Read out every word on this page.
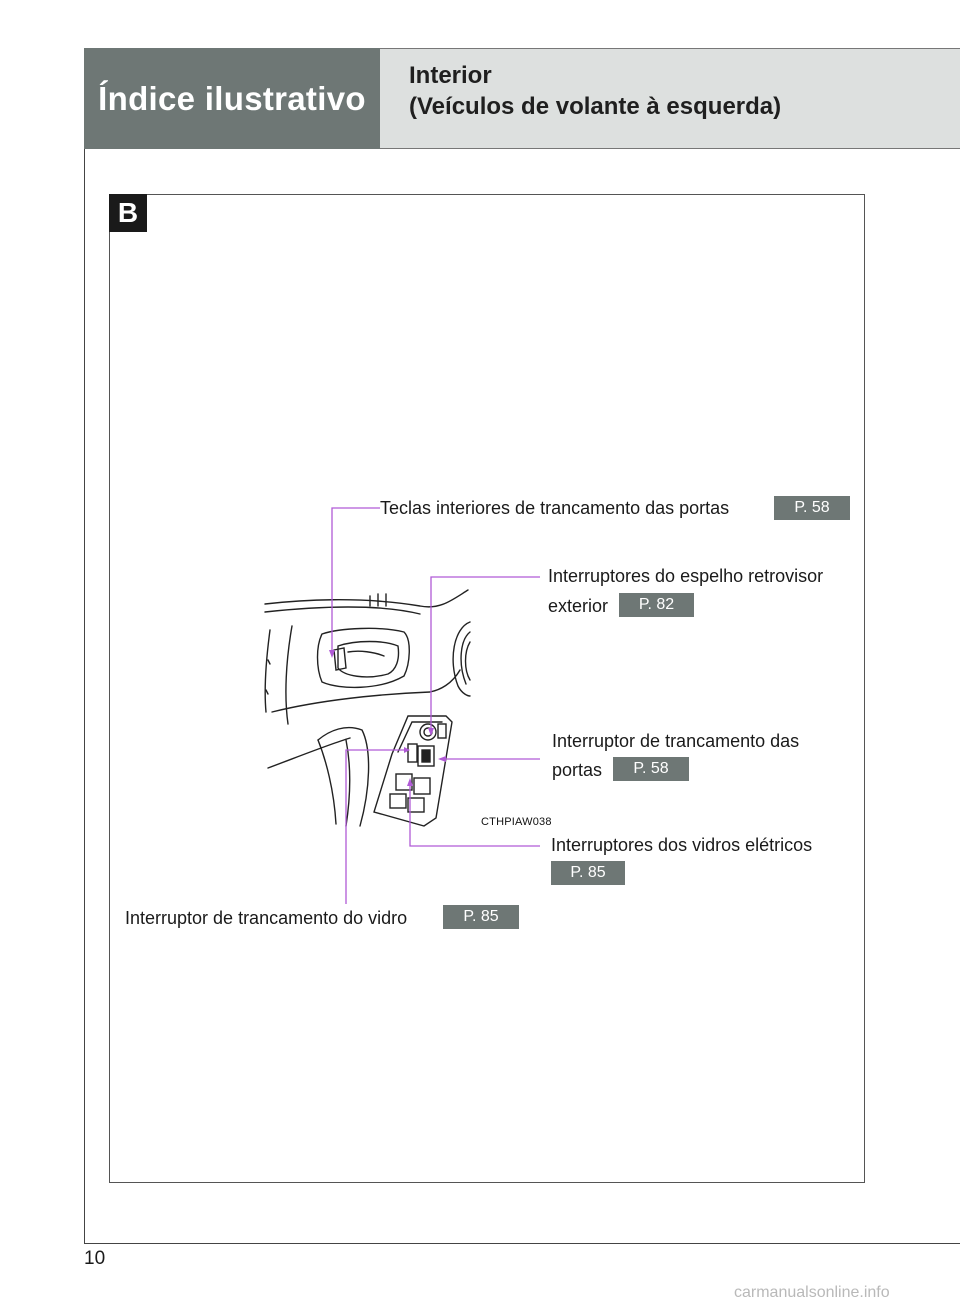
Índice ilustrativo
Interior
(Veículos de volante à esquerda)
B
Teclas interiores de trancamento das portas	P. 58
Interruptores do espelho retrovisor
exterior	P. 82
Interruptor de trancamento das
portas	P. 58
CTHPIAW038
Interruptores dos vidros elétricos
P. 85
Interruptor de trancamento do vidro	P. 85
10
carmanualsonline.info
